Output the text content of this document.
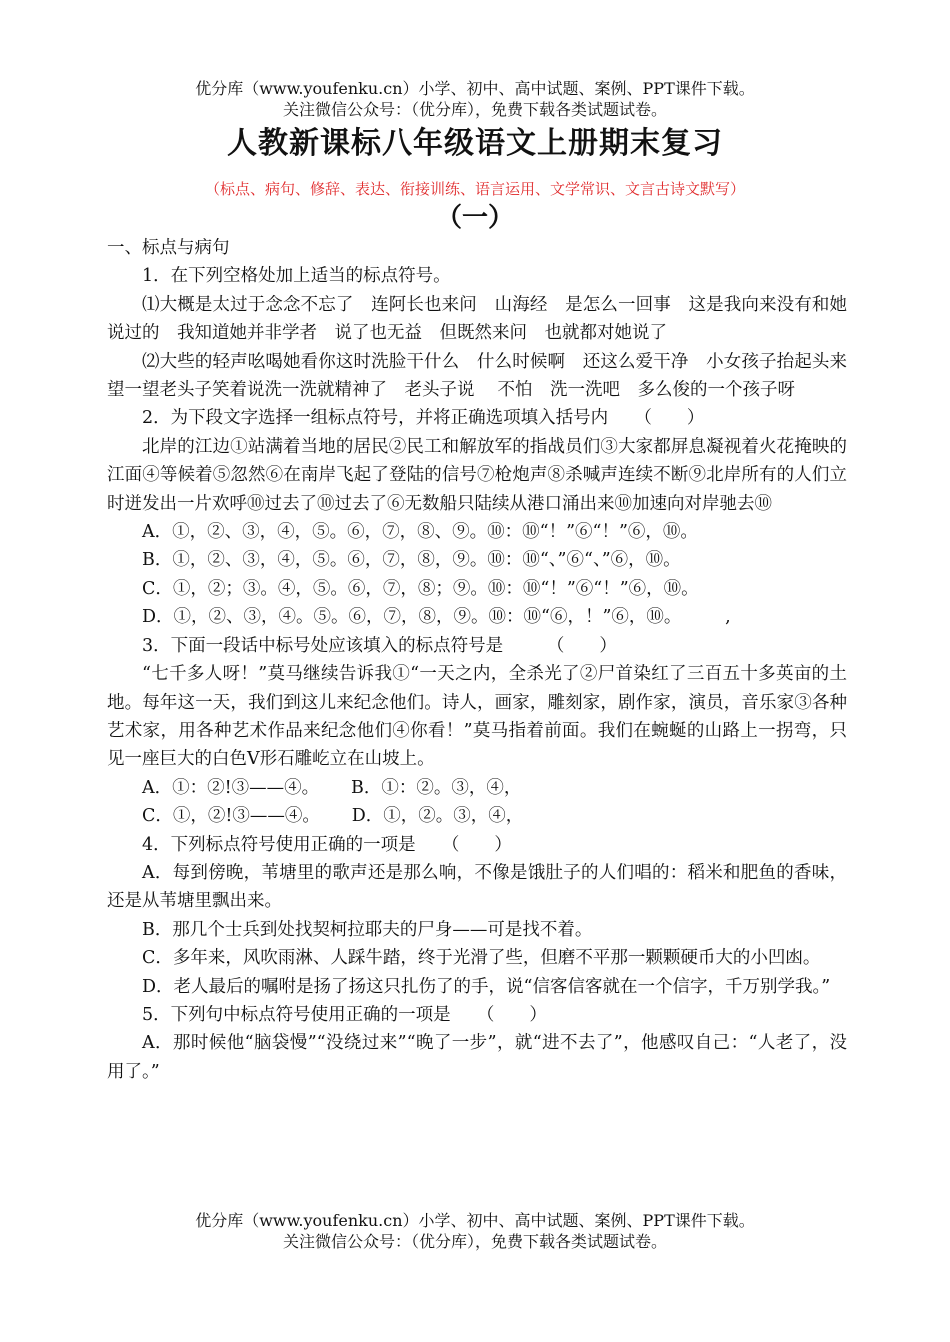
优分库（www.youfenku.cn）小学、初中、高中试题、案例、PPT课件下载。
关注微信公众号：（优分库），免费下载各类试题试卷。
人教新课标八年级语文上册期末复习
（标点、病句、修辞、表达、衔接训练、语言运用、文学常识、文言古诗文默写）
（一）

一、标点与病句

1．在下列空格处加上适当的标点符号。

⑴大概是太过于念念不忘了　连阿长也来问　山海经　是怎么一回事　这是我向来没有和她说过的　我知道她并非学者　说了也无益　但既然来问　也就都对她说了

⑵大些的轻声吆喝她看你这时洗脸干什么　什么时候啊　还这么爱干净　小女孩子抬起头来　望一望老头子笑着说洗一洗就精神了　老头子说　 不怕　洗一洗吧　多么俊的一个孩子呀

2．为下段文字选择一组标点符号，并将正确选项填入括号内　　（　　）

北岸的江边①站满着当地的居民②民工和解放军的指战员们③大家都屏息凝视着火花掩映的江面④等候着⑤忽然⑥在南岸飞起了登陆的信号⑦枪炮声⑧杀喊声连续不断⑨北岸所有的人们立时迸发出一片欢呼⑩过去了⑩过去了⑥无数船只陆续从港口涌出来⑩加速向对岸驰去⑩

A．①，②、③，④，⑤。⑥，⑦，⑧、⑨。⑩：⑩“！”⑥“！”⑥，⑩。

B．①，②、③，④，⑤。⑥，⑦，⑧，⑨。⑩：⑩“、”⑥“、”⑥，⑩。

C．①，②；③。④，⑤。⑥，⑦，⑧；⑨。⑩：⑩“！”⑥“！”⑥，⑩。

D．①，②、③，④。⑤。⑥，⑦，⑧，⑨。⑩：⑩“⑥，！”⑥，⑩。　　　,

3．下面一段话中标号处应该填入的标点符号是　　　（　　）

“七千多人呀！”莫马继续告诉我①“一天之内，全杀光了②尸首染红了三百五十多英亩的土地。每年这一天，我们到这儿来纪念他们。诗人，画家，雕刻家，剧作家，演员，音乐家③各种艺术家，用各种艺术作品来纪念他们④你看！”莫马指着前面。我们在蜿蜒的山路上一拐弯，只见一座巨大的白色Ⅴ形石雕屹立在山坡上。

A．①：②!③——④。　　 B．①：②。③，④，

C．①，②!③——④。　　 D．①，②。③，④，

4．下列标点符号使用正确的一项是　　（　　）

A．每到傍晚，苇塘里的歌声还是那么响，不像是饿肚子的人们唱的：稻米和肥鱼的香味，还是从苇塘里飘出来。

B．那几个士兵到处找契柯拉耶夫的尸身——可是找不着。

C．多年来，风吹雨淋、人踩牛踏，终于光滑了些，但磨不平那一颗颗硬币大的小凹凼。

D．老人最后的嘱咐是扬了扬这只扎伤了的手，说“信客信客就在一个信字，千万别学我。”

5．下列句中标点符号使用正确的一项是　　（　　）

A．那时候他“脑袋慢”“没绕过来”“晚了一步”，就“进不去了”，他感叹自己：“人老了，没用了。”

优分库（www.youfenku.cn）小学、初中、高中试题、案例、PPT课件下载。
关注微信公众号：（优分库），免费下载各类试题试卷。
